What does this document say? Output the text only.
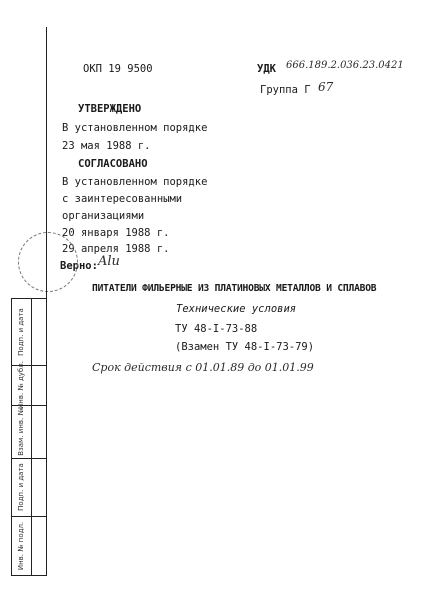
ОКП 19 9500	УДК 666.189.2.036.23.0421
Группа Г 67
УТВЕРЖДЕНО
В установленном порядке
23 мая 1988 г.
СОГЛАСОВАНО
В установленном порядке
с заинтересованными
организациями
20 января 1988 г.
29 апреля 1988 г.
Верно: Alu
ПИТАТЕЛИ ФИЛЬЕРНЫЕ ИЗ ПЛАТИНОВЫХ МЕТАЛЛОВ И СПЛАВОВ
Технические условия
ТУ 48-I-73-88
(Взамен ТУ 48-I-73-79)
Срок действия с 01.01.89 до 01.01.99
Подп. и дата
Инв. № дубл.
Взам. инв. №
Подп. и дата
Инв. № подл.
